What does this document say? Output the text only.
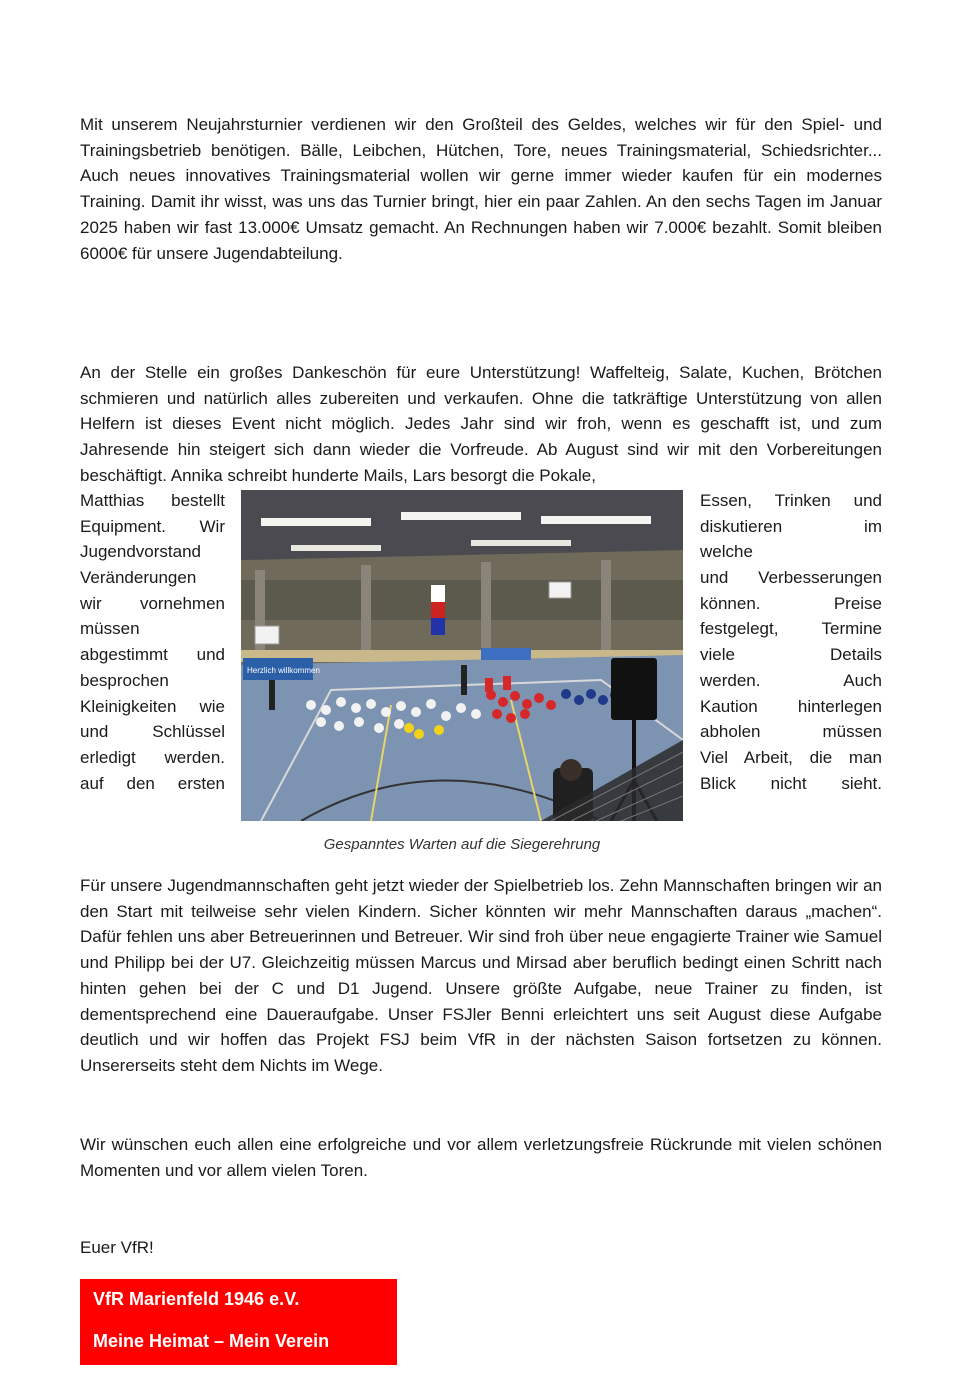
Mit unserem Neujahrsturnier verdienen wir den Großteil des Geldes, welches wir für den Spiel- und Trainingsbetrieb benötigen. Bälle, Leibchen, Hütchen, Tore, neues Trainingsmaterial, Schiedsrichter... Auch neues innovatives Trainingsmaterial wollen wir gerne immer wieder kaufen für ein modernes Training. Damit ihr wisst, was uns das Turnier bringt, hier ein paar Zahlen. An den sechs Tagen im Januar 2025 haben wir fast 13.000€ Umsatz gemacht. An Rechnungen haben wir 7.000€ bezahlt. Somit bleiben 6000€ für unsere Jugendabteilung.

An der Stelle ein großes Dankeschön für eure Unterstützung! Waffelteig, Salate, Kuchen, Brötchen schmieren und natürlich alles zubereiten und verkaufen. Ohne die tatkräftige Unterstützung von allen Helfern ist dieses Event nicht möglich. Jedes Jahr sind wir froh, wenn es geschafft ist, und zum Jahresende hin steigert sich dann wieder die Vorfreude. Ab August sind wir mit den Vorbereitungen beschäftigt. Annika schreibt hunderte Mails, Lars besorgt die Pokale,

Matthias bestellt
Equipment. Wir
Jugendvorstand
Veränderungen
wir vornehmen
müssen
abgestimmt und
besprochen
Kleinigkeiten wie
und Schlüssel
erledigt werden.
auf den ersten
Essen, Trinken und
diskutieren im
welche
und Verbesserungen
können. Preise
festgelegt, Termine
viele Details
werden. Auch
Kaution hinterlegen
abholen müssen
Viel Arbeit, die man
Blick nicht sieht.
Herzlich willkommen
Gespanntes Warten auf die Siegerehrung

Für unsere Jugendmannschaften geht jetzt wieder der Spielbetrieb los. Zehn Mannschaften bringen wir an den Start mit teilweise sehr vielen Kindern. Sicher könnten wir mehr Mannschaften daraus „machen“. Dafür fehlen uns aber Betreuerinnen und Betreuer. Wir sind froh über neue engagierte Trainer wie Samuel und Philipp bei der U7. Gleichzeitig müssen Marcus und Mirsad aber beruflich bedingt einen Schritt nach hinten gehen bei der C und D1 Jugend. Unsere größte Aufgabe, neue Trainer zu finden, ist dementsprechend eine Daueraufgabe. Unser FSJler Benni erleichtert uns seit August diese Aufgabe deutlich und wir hoffen das Projekt FSJ beim VfR in der nächsten Saison fortsetzen zu können. Unsererseits steht dem Nichts im Wege.

Wir wünschen euch allen eine erfolgreiche und vor allem verletzungsfreie Rückrunde mit vielen schönen Momenten und vor allem vielen Toren.

Euer VfR!
VfR Marienfeld 1946 e.V.
Meine Heimat – Mein Verein
